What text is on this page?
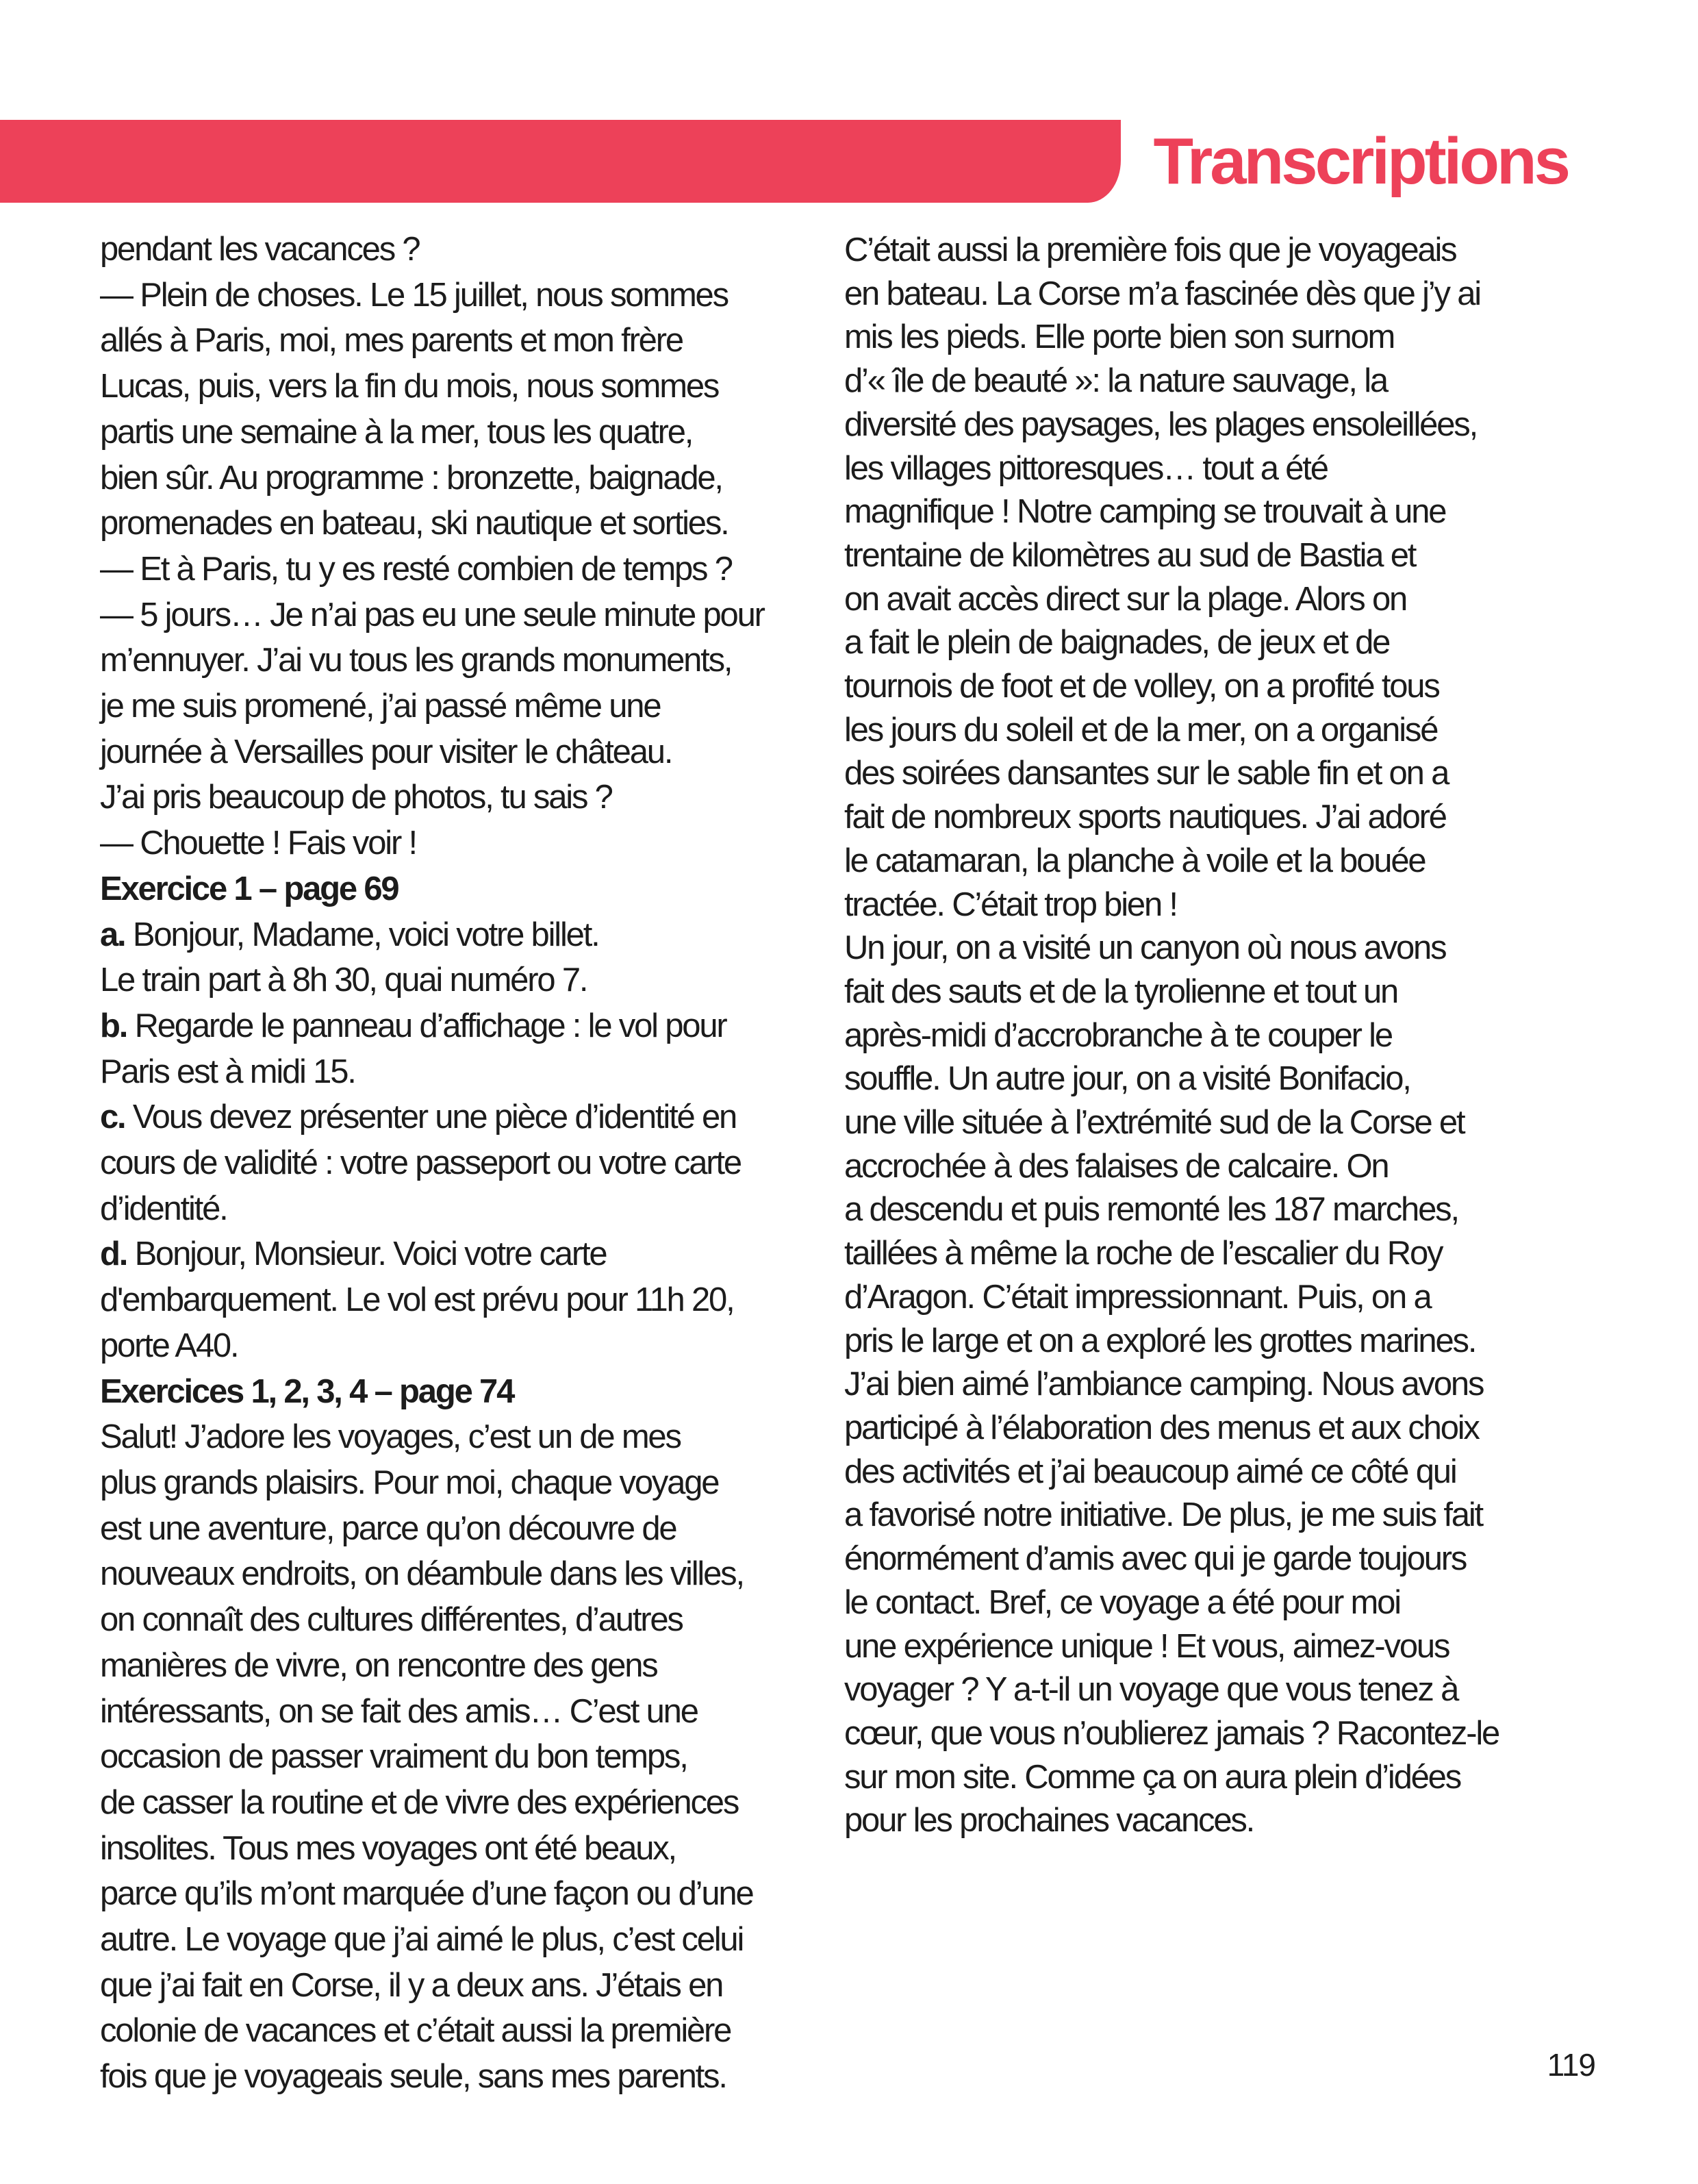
Transcriptions
pendant les vacances ?
— Plein de choses. Le 15 juillet, nous sommes
allés à Paris, moi, mes parents et mon frère
Lucas, puis, vers la fin du mois, nous sommes
partis une semaine à la mer, tous les quatre,
bien sûr. Au programme : bronzette, baignade,
promenades en bateau, ski nautique et sorties.
— Et à Paris, tu y es resté combien de temps ?
— 5 jours… Je n’ai pas eu une seule minute pour
m’ennuyer. J’ai vu tous les grands monuments,
je me suis promené, j’ai passé même une
journée à Versailles pour visiter le château.
J’ai pris beaucoup de photos, tu sais ?
— Chouette ! Fais voir !
Exercice 1 – page 69
a. Bonjour, Madame, voici votre billet.
Le train part à 8h 30, quai numéro 7.
b. Regarde le panneau d’affichage : le vol pour
Paris est à midi 15.
c. Vous devez présenter une pièce d’identité en
cours de validité : votre passeport ou votre carte
d’identité.
d. Bonjour, Monsieur. Voici votre carte
d'embarquement. Le vol est prévu pour 11h 20,
porte A40.
Exercices 1, 2, 3, 4 – page 74
Salut! J’adore les voyages, c’est un de mes
plus grands plaisirs. Pour moi, chaque voyage
est une aventure, parce qu’on découvre de
nouveaux endroits, on déambule dans les villes,
on connaît des cultures différentes, d’autres
manières de vivre, on rencontre des gens
intéressants, on se fait des amis… C’est une
occasion de passer vraiment du bon temps,
de casser la routine et de vivre des expériences
insolites. Tous mes voyages ont été beaux,
parce qu’ils m’ont marquée d’une façon ou d’une
autre. Le voyage que j’ai aimé le plus, c’est celui
que j’ai fait en Corse, il y a deux ans. J’étais en
colonie de vacances et c’était aussi la première
fois que je voyageais seule, sans mes parents.
C’était aussi la première fois que je voyageais
en bateau. La Corse m’a fascinée dès que j’y ai
mis les pieds. Elle porte bien son surnom
d’« île de beauté »: la nature sauvage, la
diversité des paysages, les plages ensoleillées,
les villages pittoresques… tout a été
magnifique ! Notre camping se trouvait à une
trentaine de kilomètres au sud de Bastia et
on avait accès direct sur la plage. Alors on
a fait le plein de baignades, de jeux et de
tournois de foot et de volley, on a profité tous
les jours du soleil et de la mer, on a organisé
des soirées dansantes sur le sable fin et on a
fait de nombreux sports nautiques. J’ai adoré
le catamaran, la planche à voile et la bouée
tractée. C’était trop bien !
Un jour, on a visité un canyon où nous avons
fait des sauts et de la tyrolienne et tout un
après-midi d’accrobranche à te couper le
souffle. Un autre jour, on a visité Bonifacio,
une ville située à l’extrémité sud de la Corse et
accrochée à des falaises de calcaire. On
a descendu et puis remonté les 187 marches,
taillées à même la roche de l’escalier du Roy
d’Aragon. C’était impressionnant. Puis, on a
pris le large et on a exploré les grottes marines.
J’ai bien aimé l’ambiance camping. Nous avons
participé à l’élaboration des menus et aux choix
des activités et j’ai beaucoup aimé ce côté qui
a favorisé notre initiative. De plus, je me suis fait
énormément d’amis avec qui je garde toujours
le contact. Bref, ce voyage a été pour moi
une expérience unique ! Et vous, aimez-vous
voyager ? Y a-t-il un voyage que vous tenez à
cœur, que vous n’oublierez jamais ? Racontez-le
sur mon site. Comme ça on aura plein d’idées
pour les prochaines vacances.
119
